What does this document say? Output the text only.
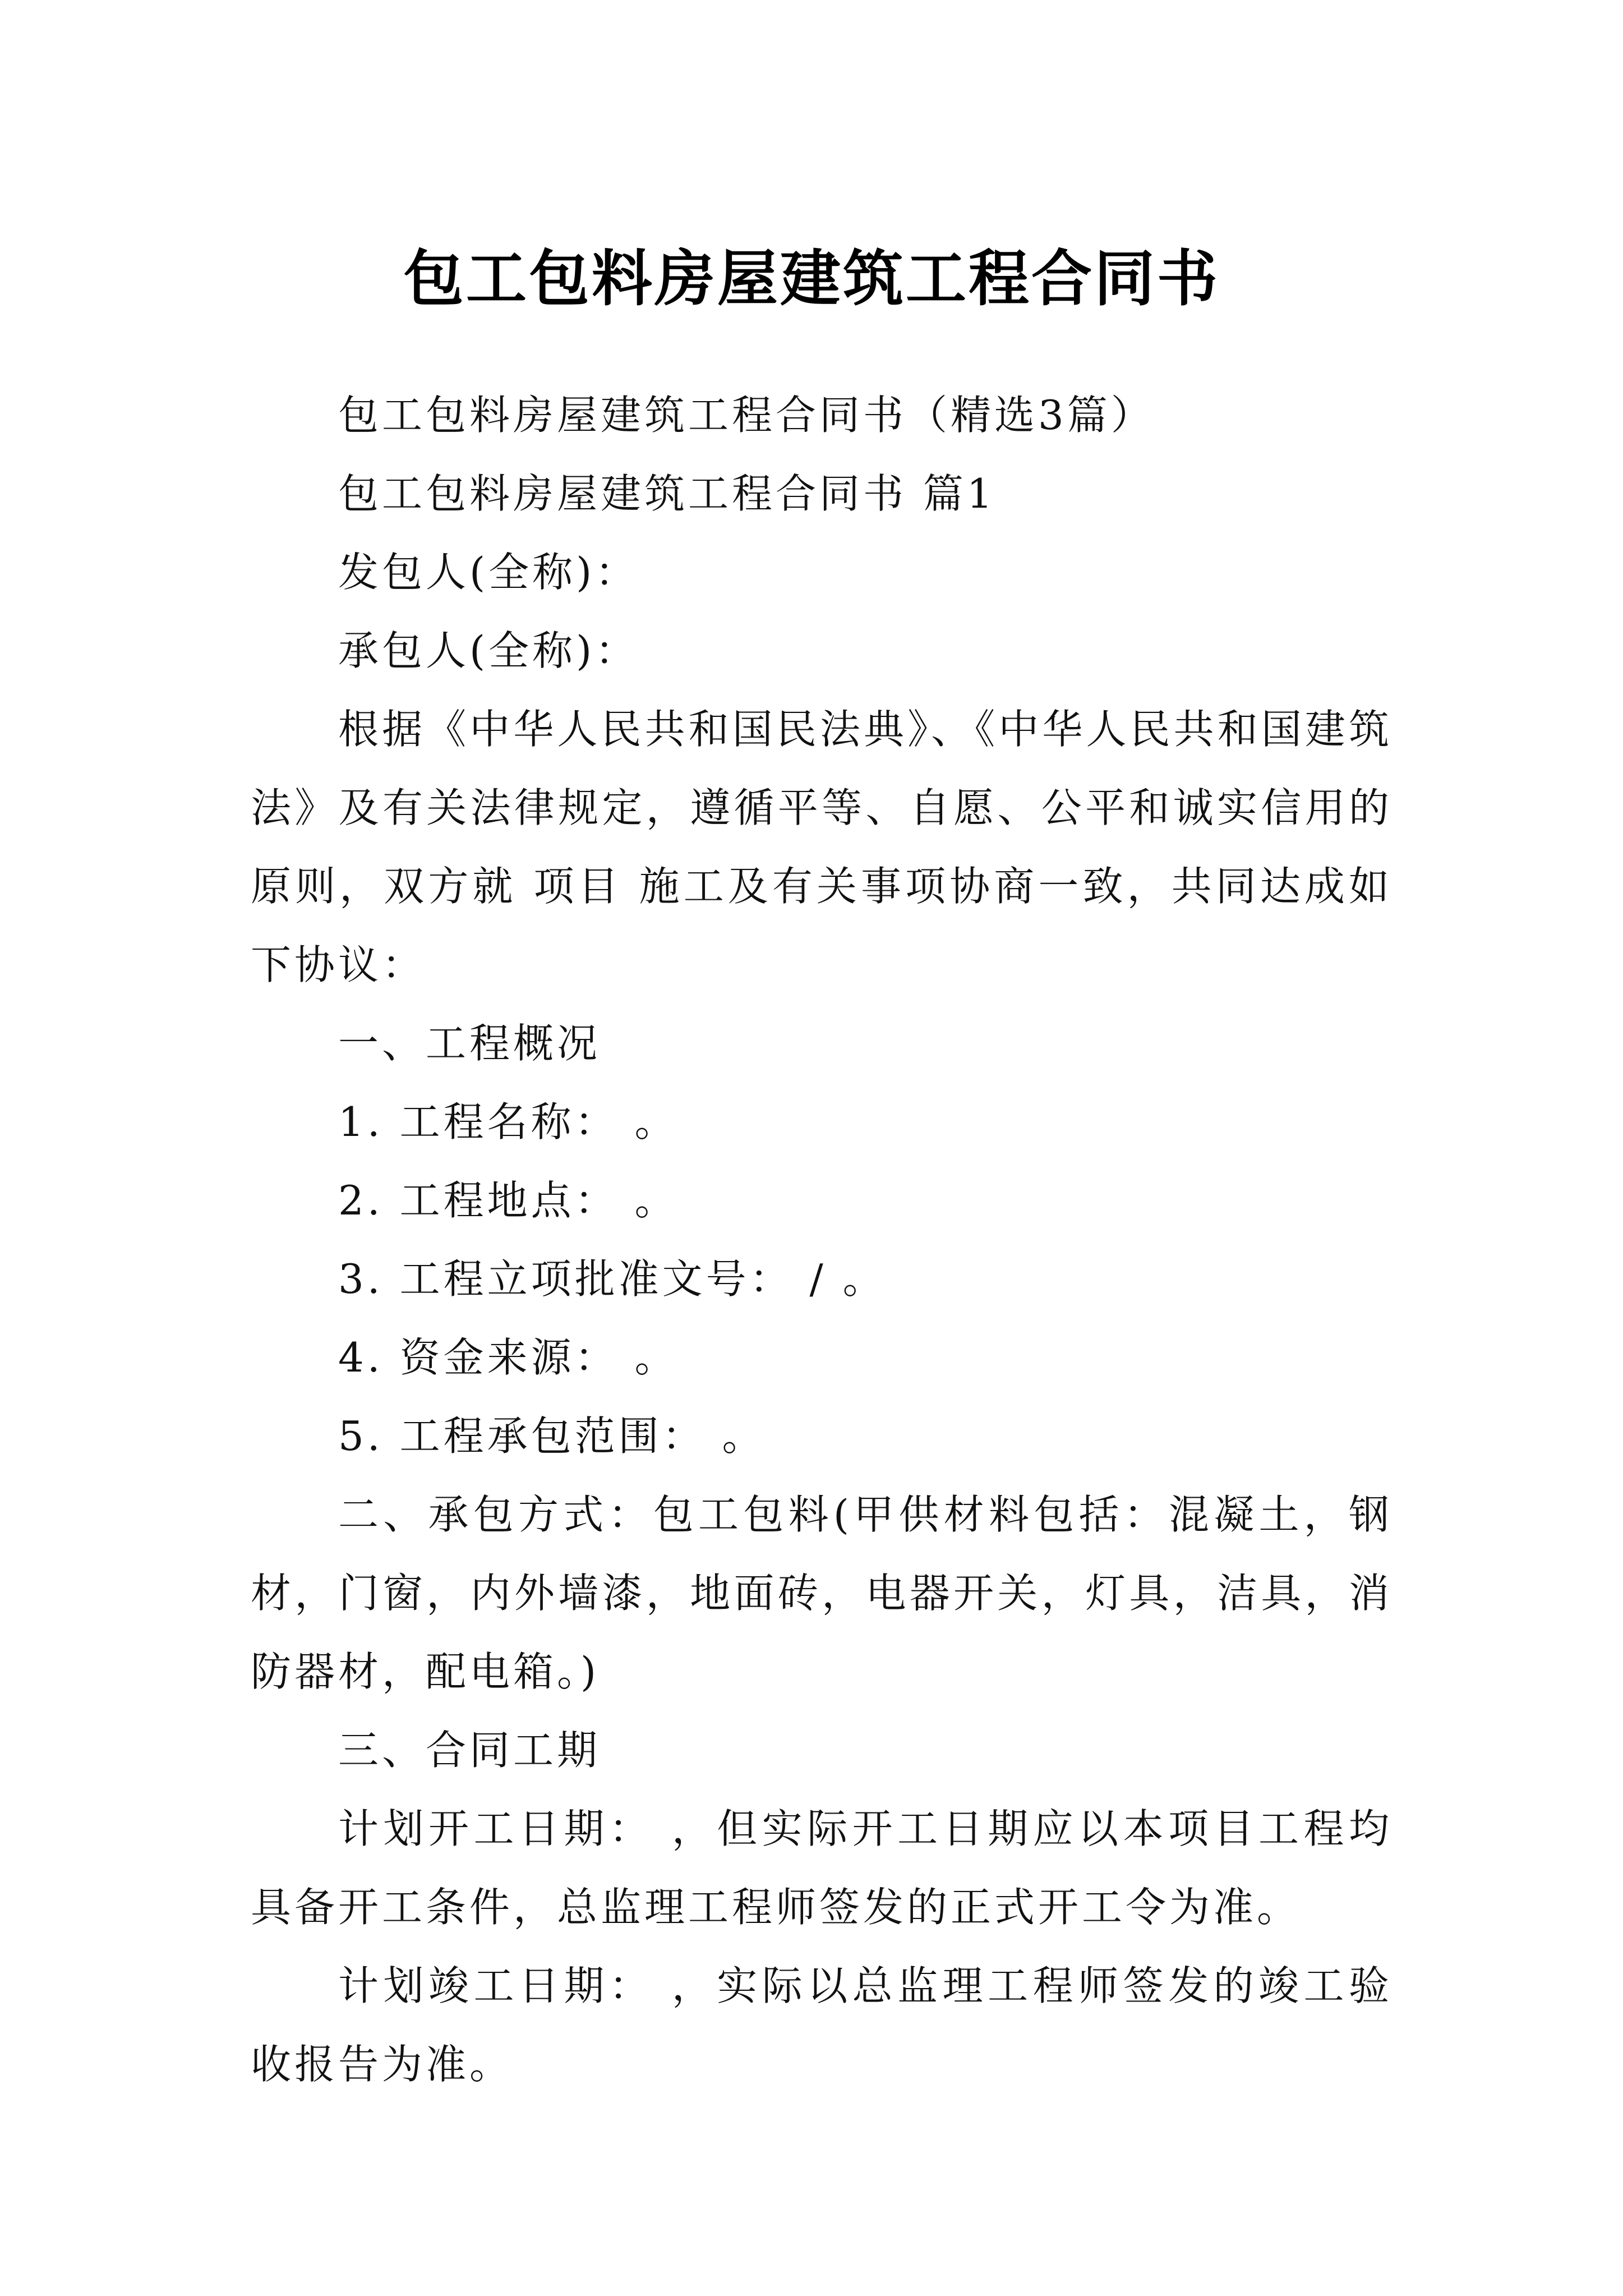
包工包料房屋建筑工程合同书

包工包料房屋建筑工程合同书（精选3篇）

包工包料房屋建筑工程合同书 篇1

发包人(全称)：

承包人(全称)：

根据《中华人民共和国民法典》、《中华人民共和国建筑法》及有关法律规定，遵循平等、自愿、公平和诚实信用的原则，双方就 项目 施工及有关事项协商一致，共同达成如下协议：

一、工程概况

1. 工程名称： 。

2. 工程地点： 。

3. 工程立项批准文号： / 。

4. 资金来源： 。

5. 工程承包范围： 。

二、承包方式：包工包料(甲供材料包括：混凝土，钢材，门窗，内外墙漆，地面砖，电器开关，灯具，洁具，消防器材，配电箱。)

三、合同工期

计划开工日期： ，但实际开工日期应以本项目工程均具备开工条件，总监理工程师签发的正式开工令为准。

计划竣工日期： ，实际以总监理工程师签发的竣工验收报告为准。
